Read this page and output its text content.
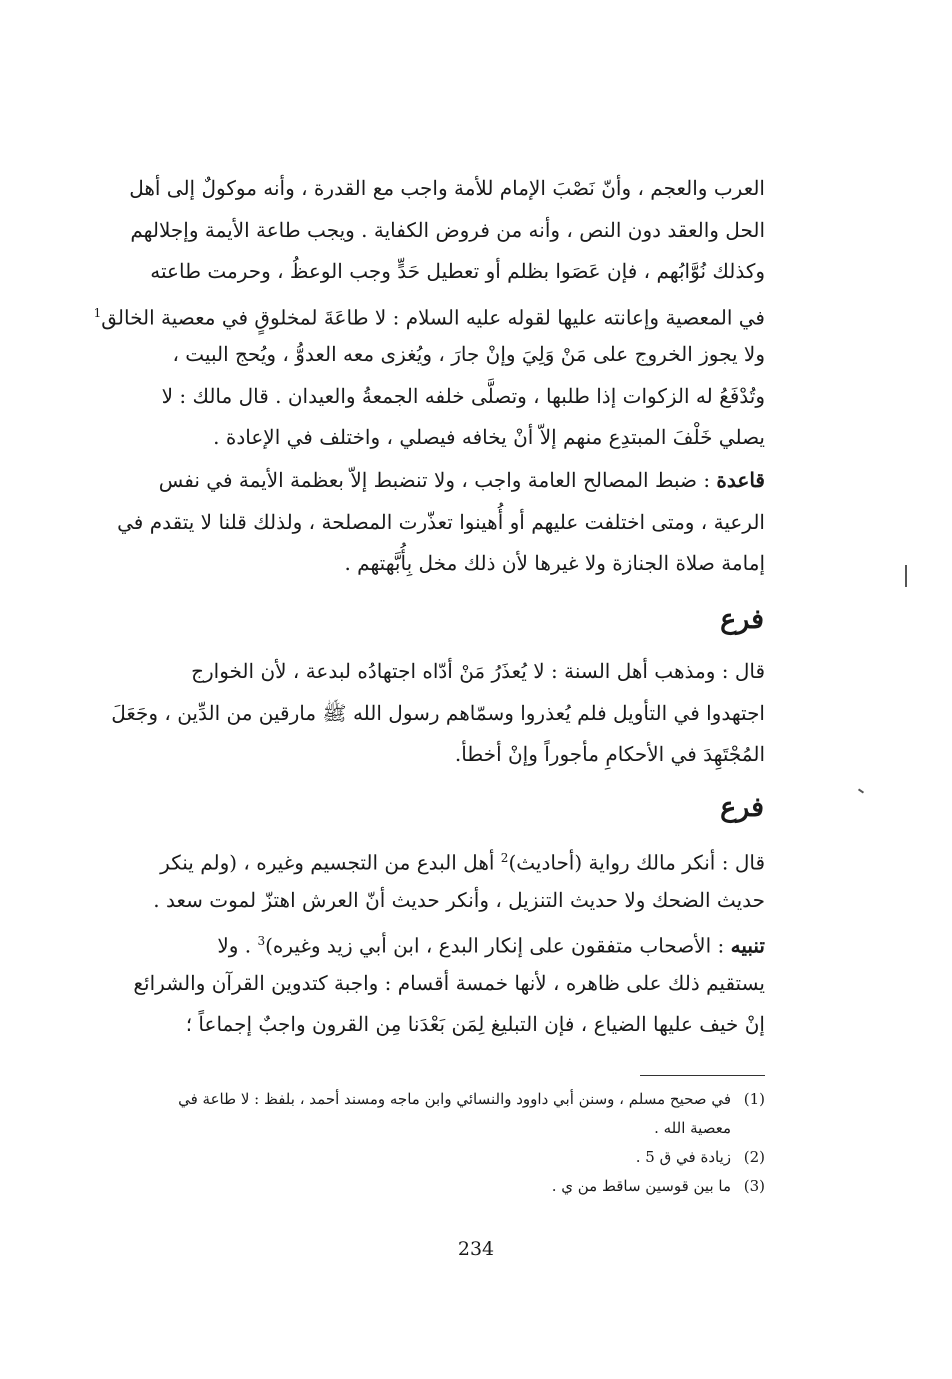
العرب والعجم ، وأنّ نَصْبَ الإمام للأمة واجب مع القدرة ، وأنه موكولٌ إلى أهل
الحل والعقد دون النص ، وأنه من فروض الكفاية . ويجب طاعة الأيمة وإجلالهم
وكذلك نُوَّابُهم ، فإن عَصَوا بظلم أو تعطيل حَدٍّ وجب الوعظُ ، وحرمت طاعته
في المعصية وإعانته عليها لقوله عليه السلام : لا طاعَةَ لمخلوقٍ في معصية الخالق$^1$
ولا يجوز الخروج على مَنْ وَلِيَ وإنْ جارَ ، ويُغزى معه العدوُّ ، ويُحج البيت ،
وتُدْفَعُ له الزكوات إذا طلبها ، وتصلَّى خلفه الجمعةُ والعيدان . قال مالك : لا
يصلي خَلْفَ المبتدِع منهم إلاّ أنْ يخافه فيصلي ، واختلف في الإعادة .
قاعدة : ضبط المصالح العامة واجب ، ولا تنضبط إلاّ بعظمة الأيمة في نفس
الرعية ، ومتى اختلفت عليهم أو أُهينوا تعذّرت المصلحة ، ولذلك قلنا لا يتقدم في
إمامة صلاة الجنازة ولا غيرها لأن ذلك مخل بِأُبَّهتهم .
فرع
قال : ومذهب أهل السنة : لا يُعذَرُ مَنْ أدّاه اجتهادُه لبدعة ، لأن الخوارج
اجتهدوا في التأويل فلم يُعذروا وسمّاهم رسول الله ﷺ مارقين من الدِّين ، وجَعَلَ
المُجْتَهِدَ في الأحكامِ مأجوراً وإنْ أخطأ.
فرع
قال : أنكر مالك رواية (أحاديث)$^2$ أهل البدع من التجسيم وغيره ، (ولم ينكر
حديث الضحك ولا حديث التنزيل ، وأنكر حديث أنّ العرش اهتزّ لموت سعد .
تنبيه : الأصحاب متفقون على إنكار البدع ، ابن أبي زيد وغيره)$^3$ . ولا
يستقيم ذلك على ظاهره ، لأنها خمسة أقسام : واجبة كتدوين القرآن والشرائع
إنْ خيف عليها الضياع ، فإن التبليغ لِمَن بَعْدَنا مِن القرون واجبٌ إجماعاً ؛
(1)
في صحيح مسلم ، وسنن أبي داوود والنسائي وابن ماجه ومسند أحمد ، بلفظ : لا طاعة في
معصية الله .
(2)
زيادة في ق 5 .
(3)
ما بين قوسين ساقط من ي .
234
